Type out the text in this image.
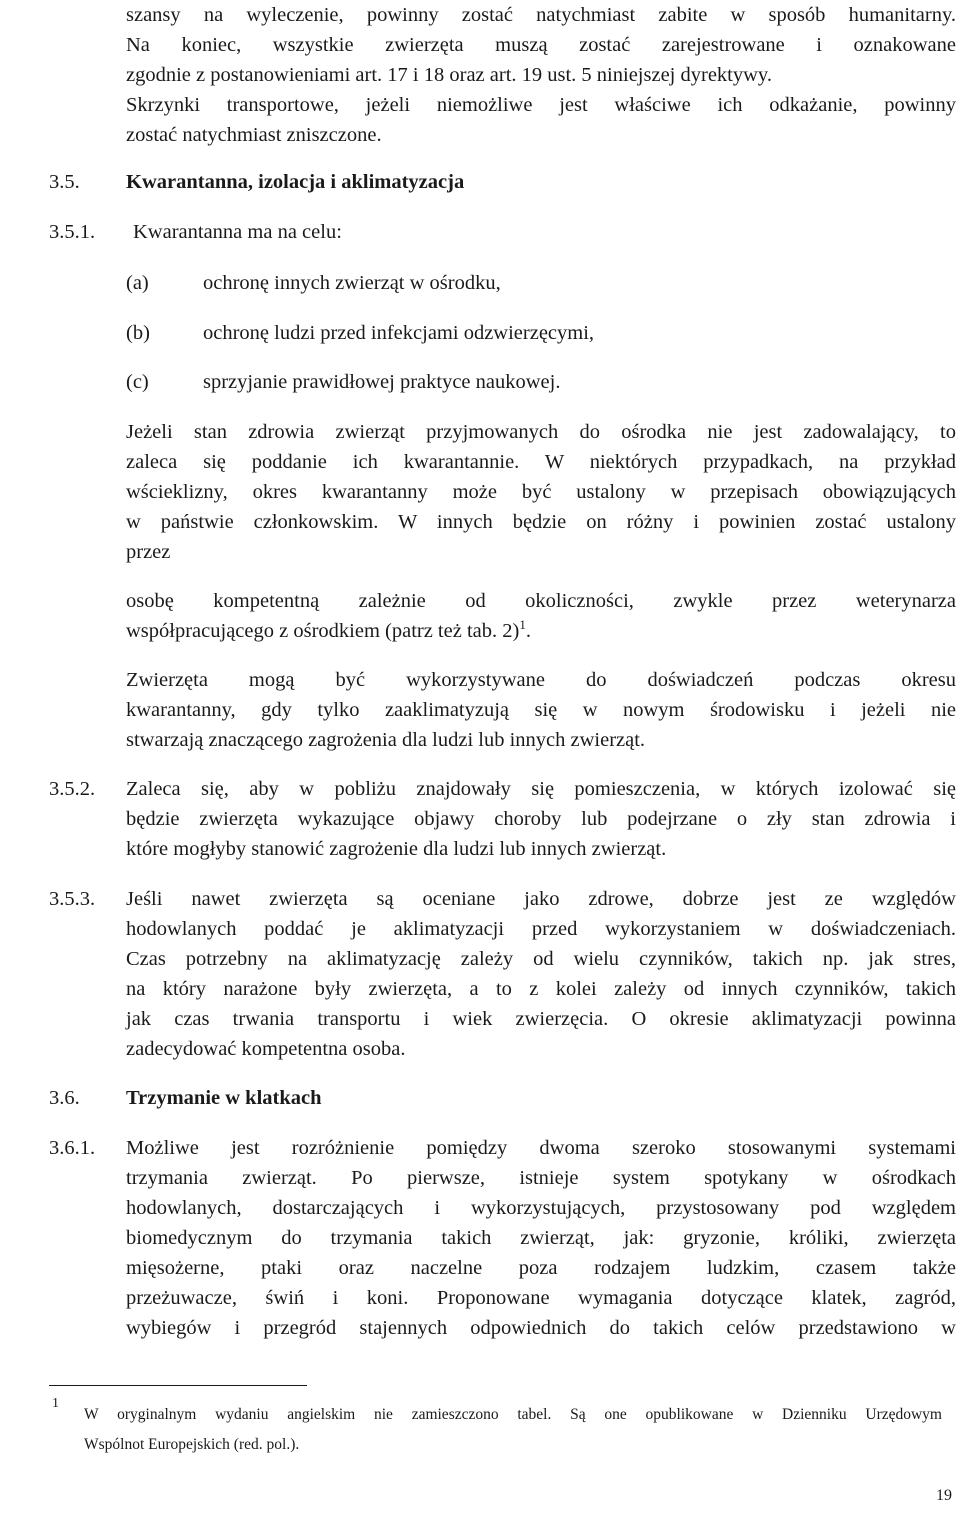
szansy na wyleczenie, powinny zostać natychmiast zabite w sposób humanitarny.

Na koniec, wszystkie zwierzęta muszą zostać zarejestrowane i oznakowane

zgodnie z postanowieniami art. 17 i 18 oraz art. 19 ust. 5 niniejszej dyrektywy.

Skrzynki transportowe, jeżeli niemożliwe jest właściwe ich odkażanie, powinny

zostać natychmiast zniszczone.

3.5. Kwarantanna, izolacja i aklimatyzacja
3.5.1. Kwarantanna ma na celu:
(a)	ochronę innych zwierząt w ośrodku,
(b)	ochronę ludzi przed infekcjami odzwierzęcymi,
(c)	sprzyjanie prawidłowej praktyce naukowej.

Jeżeli stan zdrowia zwierząt przyjmowanych do ośrodka nie jest zadowalający, to

zaleca się poddanie ich kwarantannie. W niektórych przypadkach, na przykład

wścieklizny, okres kwarantanny może być ustalony w przepisach obowiązujących

w państwie członkowskim. W innych będzie on różny i powinien zostać ustalony

przez

osobę kompetentną zależnie od okoliczności, zwykle przez weterynarza

współpracującego z ośrodkiem (patrz też tab. 2)$^1$.

Zwierzęta mogą być wykorzystywane do doświadczeń podczas okresu

kwarantanny, gdy tylko zaaklimatyzują się w nowym środowisku i jeżeli nie

stwarzają znaczącego zagrożenia dla ludzi lub innych zwierząt.

3.5.2. Zaleca się, aby w pobliżu znajdowały się pomieszczenia, w których izolować się

będzie zwierzęta wykazujące objawy choroby lub podejrzane o zły stan zdrowia i

które mogłyby stanowić zagrożenie dla ludzi lub innych zwierząt.

3.5.3. Jeśli nawet zwierzęta są oceniane jako zdrowe, dobrze jest ze względów

hodowlanych poddać je aklimatyzacji przed wykorzystaniem w doświadczeniach.

Czas potrzebny na aklimatyzację zależy od wielu czynników, takich np. jak stres,

na który narażone były zwierzęta, a to z kolei zależy od innych czynników, takich

jak czas trwania transportu i wiek zwierzęcia. O okresie aklimatyzacji powinna

zadecydować kompetentna osoba.

3.6. Trzymanie w klatkach
3.6.1. Możliwe jest rozróżnienie pomiędzy dwoma szeroko stosowanymi systemami

trzymania zwierząt. Po pierwsze, istnieje system spotykany w ośrodkach

hodowlanych, dostarczających i wykorzystujących, przystosowany pod względem

biomedycznym do trzymania takich zwierząt, jak: gryzonie, króliki, zwierzęta

mięsożerne, ptaki oraz naczelne poza rodzajem ludzkim, czasem także

przeżuwacze, świń i koni. Proponowane wymagania dotyczące klatek, zagród,

wybiegów i przegród stajennych odpowiednich do takich celów przedstawiono w

1

W oryginalnym wydaniu angielskim nie zamieszczono tabel. Są one opublikowane w Dzienniku Urzędowym

Wspólnot Europejskich (red. pol.).

19
